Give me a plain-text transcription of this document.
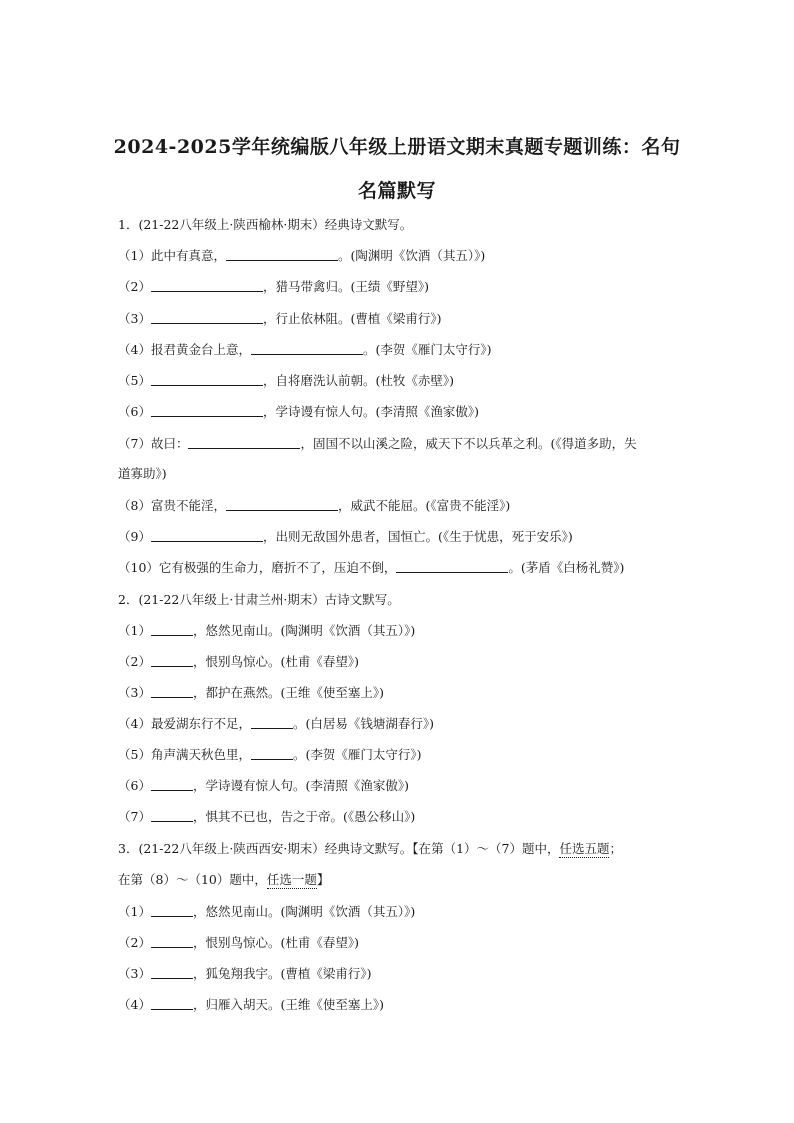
2024-2025学年统编版八年级上册语文期末真题专题训练：名句
名篇默写
1．(21-22八年级上·陕西榆林·期末）经典诗文默写。
（1）此中有真意，	。(陶渊明《饮酒（其五）》)
（2）	，猎马带禽归。(王绩《野望》)
（3）	，行止依林阻。(曹植《梁甫行》)
（4）报君黄金台上意，	。(李贺《雁门太守行》)
（5）	，自将磨洗认前朝。(杜牧《赤壁》)
（6）	，学诗谩有惊人句。(李清照《渔家傲》)
（7）故曰：	，固国不以山溪之险，威天下不以兵革之利。(《得道多助，失
道寡助》)
（8）富贵不能淫，	，威武不能屈。(《富贵不能淫》)
（9）	，出则无敌国外患者，国恒亡。(《生于忧患，死于安乐》)
（10）它有极强的生命力，磨折不了，压迫不倒，	。(茅盾《白杨礼赞》)
2．(21-22八年级上·甘肃兰州·期末）古诗文默写。
（1）	，悠然见南山。(陶渊明《饮酒（其五）》)
（2）	，恨别鸟惊心。(杜甫《春望》)
（3）	，都护在燕然。(王维《使至塞上》)
（4）最爱湖东行不足，	。(白居易《钱塘湖春行》)
（5）角声满天秋色里，	。(李贺《雁门太守行》)
（6）	，学诗谩有惊人句。(李清照《渔家傲》)
（7）	，惧其不已也，告之于帝。(《愚公移山》)
3．(21-22八年级上·陕西西安·期末）经典诗文默写。【在第（1）～（7）题中，任选五题；
在第（8）～（10）题中，任选一题】
（1）	，悠然见南山。(陶渊明《饮酒（其五）》)
（2）	，恨别鸟惊心。(杜甫《春望》)
（3）	，狐兔翔我宇。(曹植《梁甫行》)
（4）	，归雁入胡天。(王维《使至塞上》)
